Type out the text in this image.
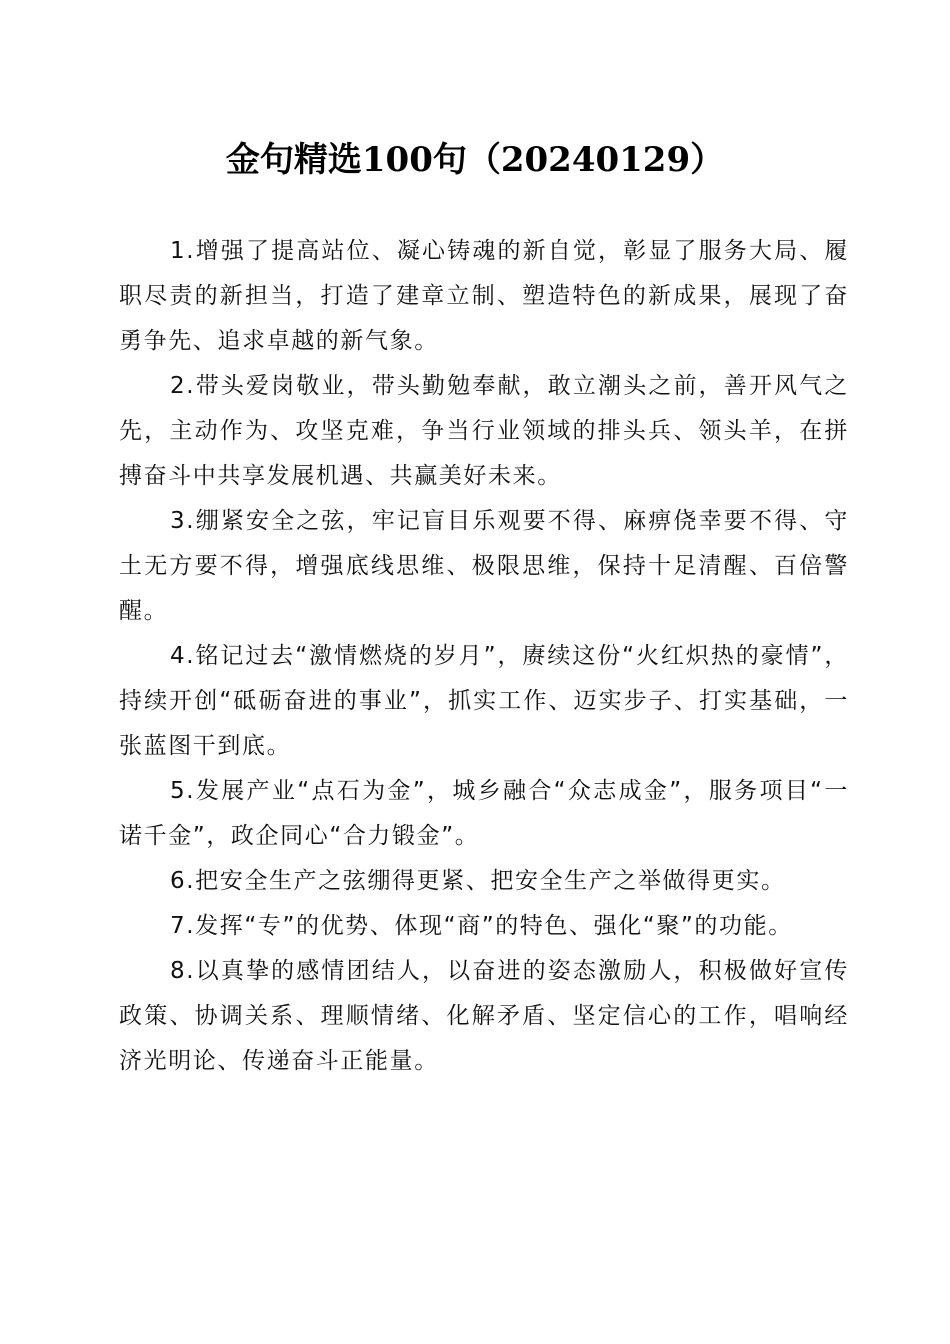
金句精选100句（20240129）

1.增强了提高站位、凝心铸魂的新自觉，彰显了服务大局、履职尽责的新担当，打造了建章立制、塑造特色的新成果，展现了奋勇争先、追求卓越的新气象。

2.带头爱岗敬业，带头勤勉奉献，敢立潮头之前，善开风气之先，主动作为、攻坚克难，争当行业领域的排头兵、领头羊，在拼搏奋斗中共享发展机遇、共赢美好未来。

3.绷紧安全之弦，牢记盲目乐观要不得、麻痹侥幸要不得、守土无方要不得，增强底线思维、极限思维，保持十足清醒、百倍警醒。

4.铭记过去“激情燃烧的岁月”，赓续这份“火红炽热的豪情”，持续开创“砥砺奋进的事业”，抓实工作、迈实步子、打实基础，一张蓝图干到底。

5.发展产业“点石为金”，城乡融合“众志成金”，服务项目“一诺千金”，政企同心“合力锻金”。

6.把安全生产之弦绷得更紧、把安全生产之举做得更实。

7.发挥“专”的优势、体现“商”的特色、强化“聚”的功能。

8.以真挚的感情团结人，以奋进的姿态激励人，积极做好宣传政策、协调关系、理顺情绪、化解矛盾、坚定信心的工作，唱响经济光明论、传递奋斗正能量。
